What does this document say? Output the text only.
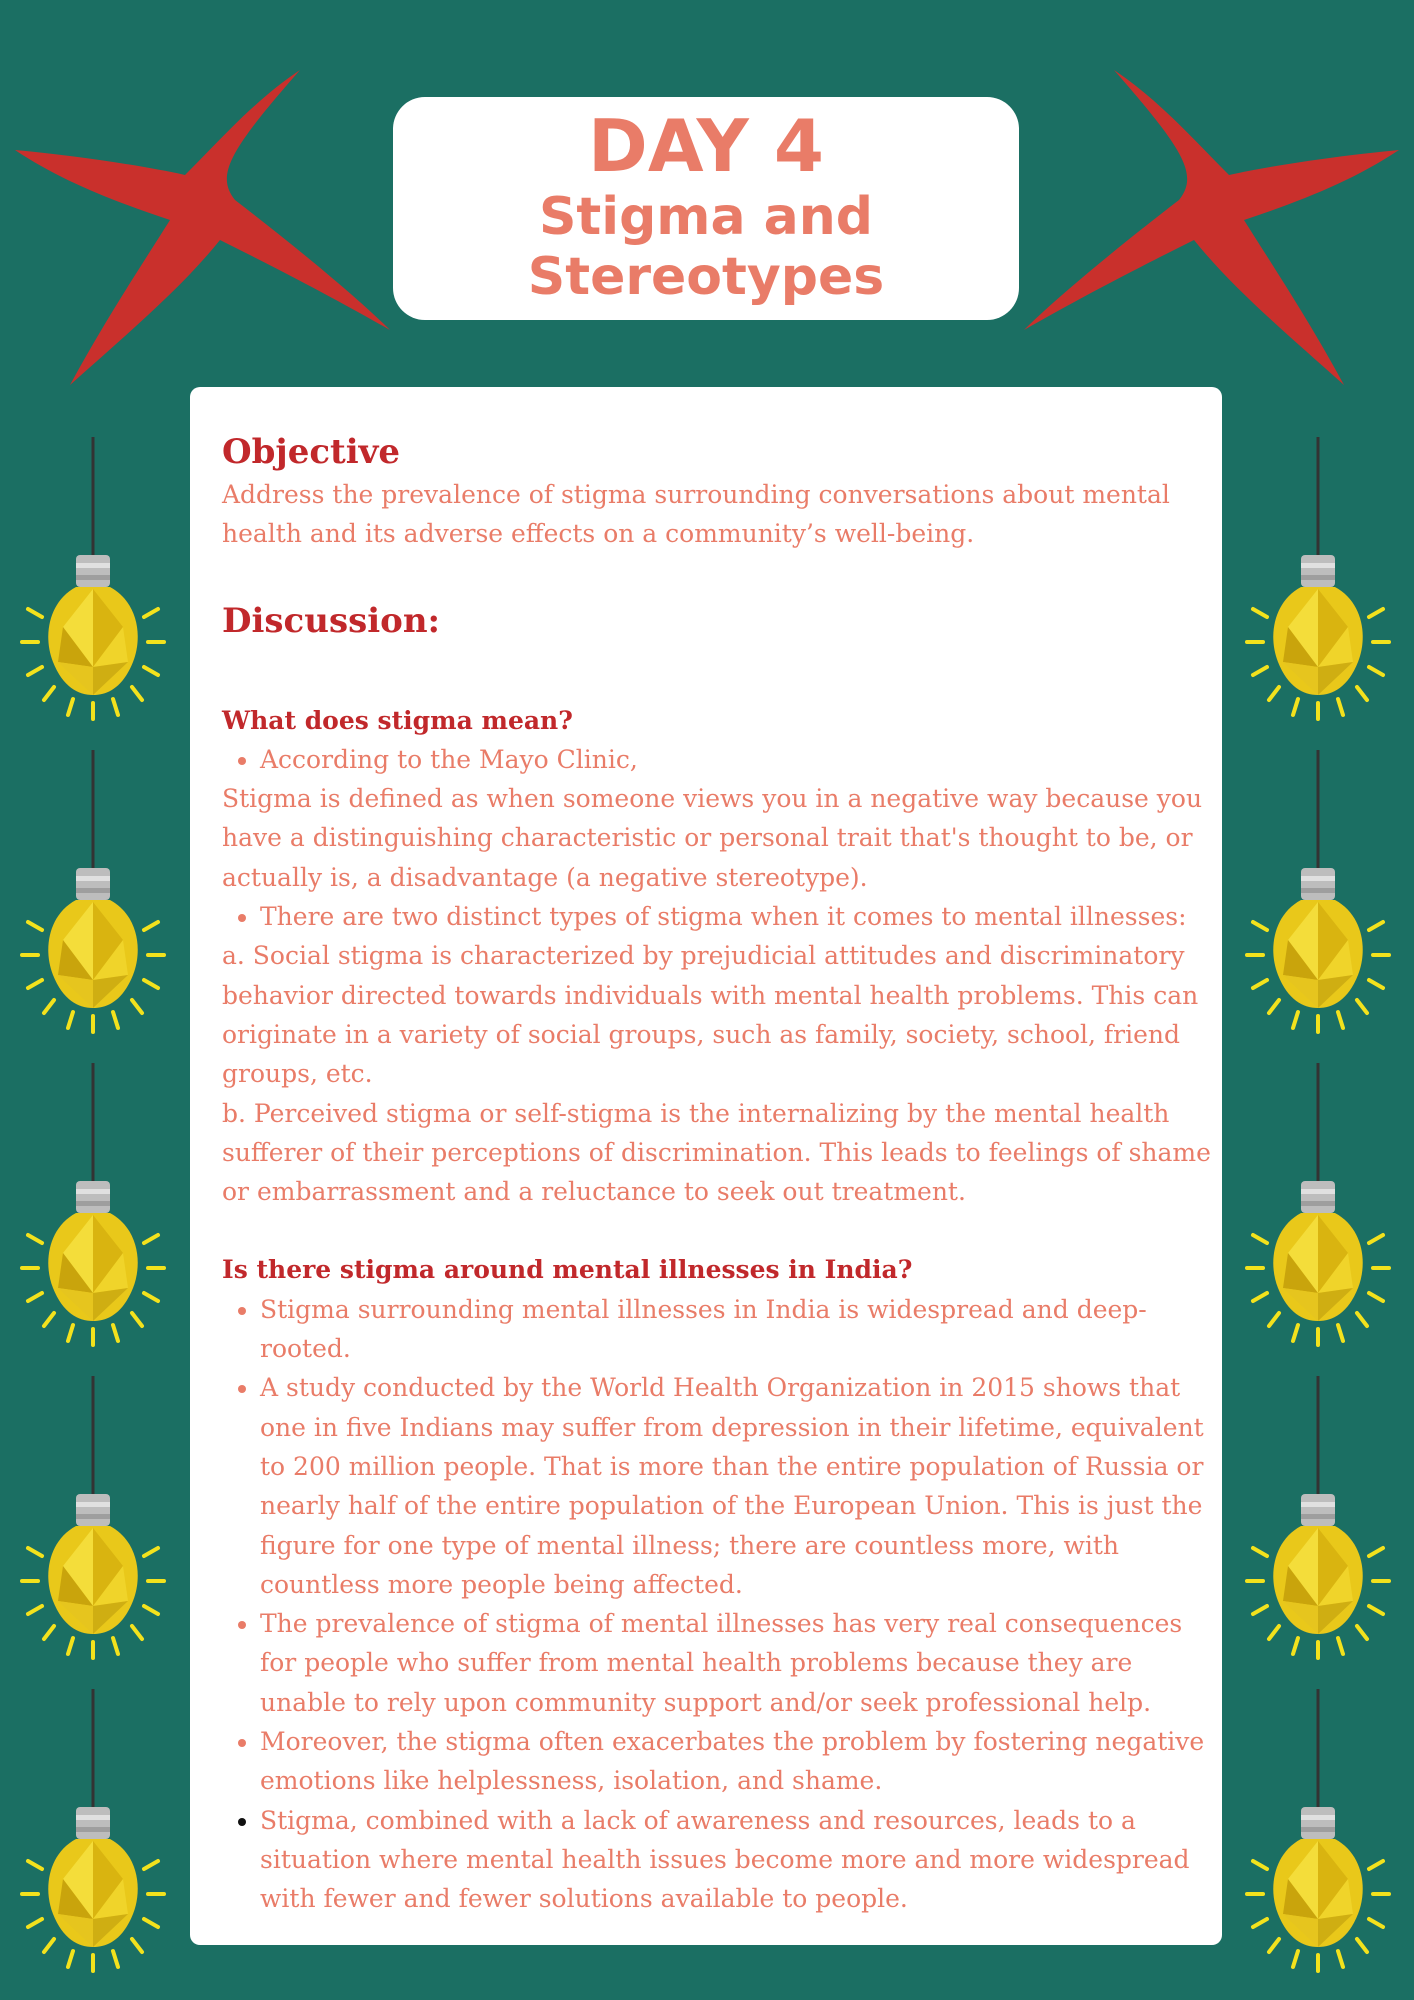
DAY 4
Stigma and
Stereotypes
Objective

Address the prevalence of stigma surrounding conversations about mental health and its adverse effects on a community’s well-being.

Discussion:
What does stigma mean?
• According to the Mayo Clinic,

Stigma is defined as when someone views you in a negative way because you have a distinguishing characteristic or personal trait that's thought to be, or actually is, a disadvantage (a negative stereotype).

• There are two distinct types of stigma when it comes to mental illnesses:

a. Social stigma is characterized by prejudicial attitudes and discriminatory behavior directed towards individuals with mental health problems. This can originate in a variety of social groups, such as family, society, school, friend groups, etc.

b. Perceived stigma or self-stigma is the internalizing by the mental health sufferer of their perceptions of discrimination. This leads to feelings of shame or embarrassment and a reluctance to seek out treatment.

Is there stigma around mental illnesses in India?
• Stigma surrounding mental illnesses in India is widespread and deep-rooted.
• A study conducted by the World Health Organization in 2015 shows that one in five Indians may suffer from depression in their lifetime, equivalent to 200 million people. That is more than the entire population of Russia or nearly half of the entire population of the European Union. This is just the figure for one type of mental illness; there are countless more, with countless more people being affected.
• The prevalence of stigma of mental illnesses has very real consequences for people who suffer from mental health problems because they are unable to rely upon community support and/or seek professional help.
• Moreover, the stigma often exacerbates the problem by fostering negative emotions like helplessness, isolation, and shame.
• Stigma, combined with a lack of awareness and resources, leads to a situation where mental health issues become more and more widespread with fewer and fewer solutions available to people.
